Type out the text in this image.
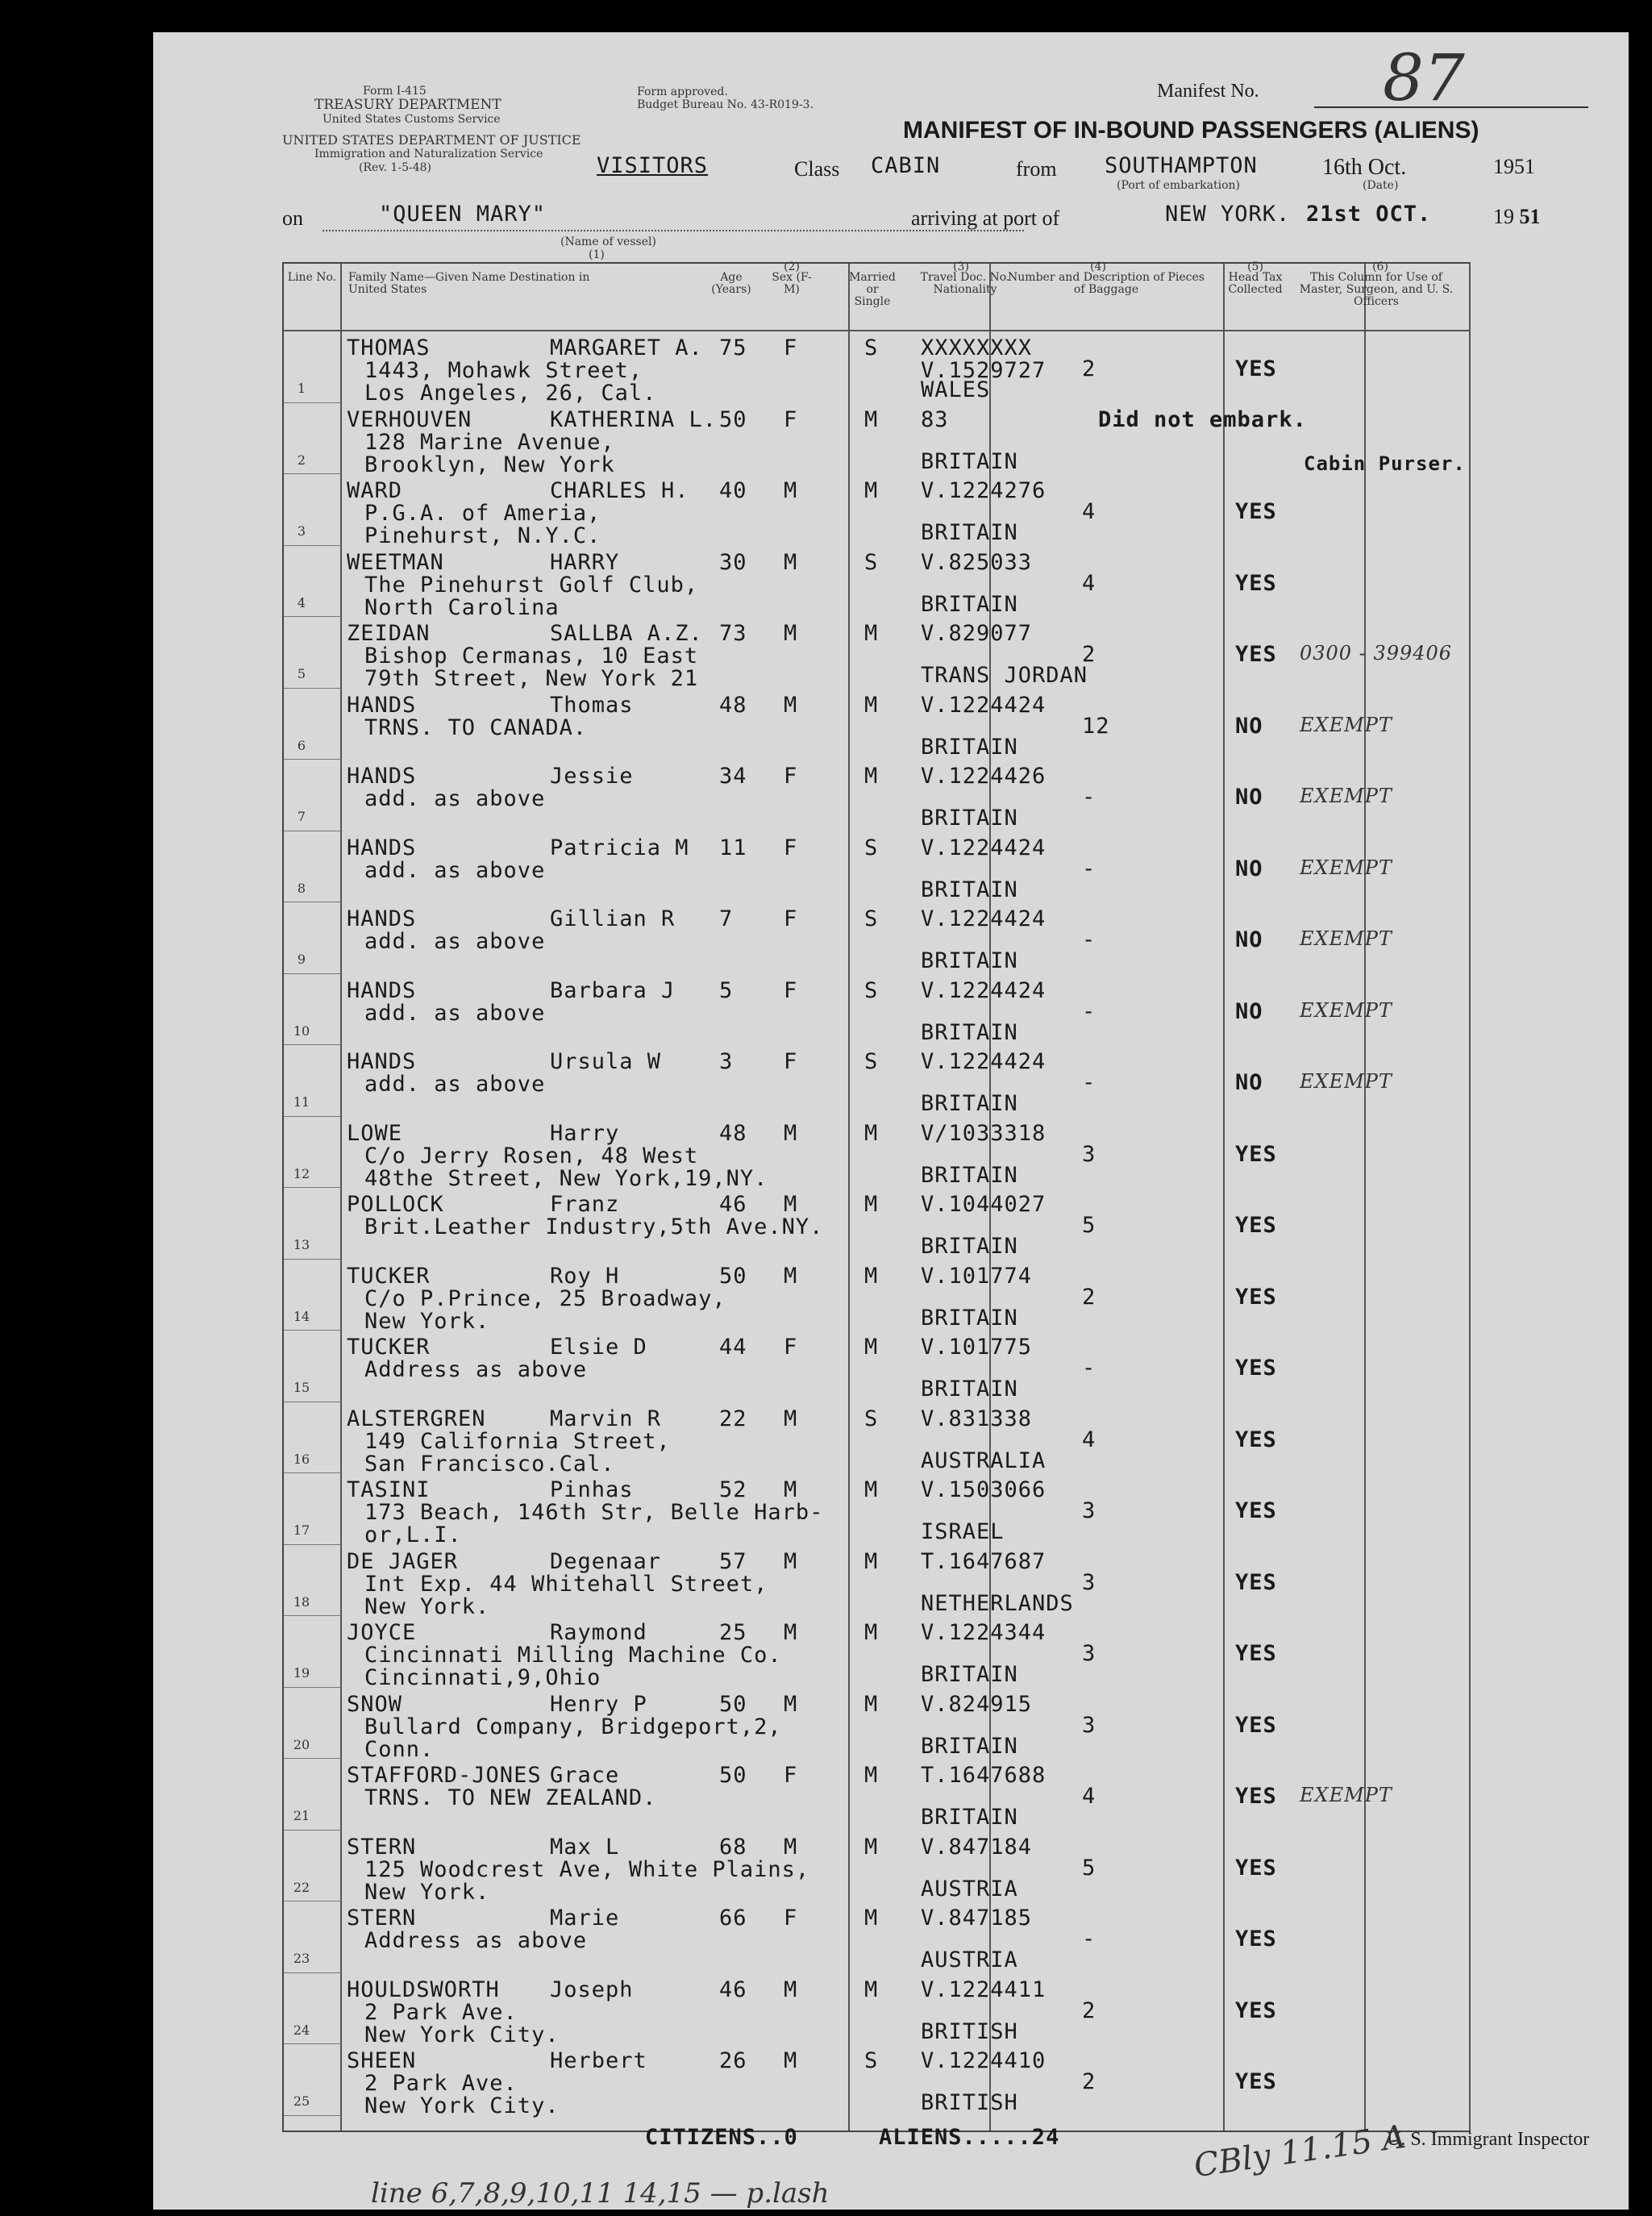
Form I-415
TREASURY DEPARTMENT
United States Customs Service
Form approved.
Budget Bureau No. 43-R019-3.
UNITED STATES DEPARTMENT OF JUSTICE
Immigration and Naturalization Service
(Rev. 1-5-48)
Manifest No. 87
MANIFEST OF IN-BOUND PASSENGERS (ALIENS)
VISITORS	Class CABIN	from SOUTHAMPTON
(Port of embarkation)
16th Oct.
(Date)
1951
on	"QUEEN MARY"
(Name of vessel)
(1)
arriving at port of	NEW YORK. 21st OCT.	19 51
Line No.	Family Name—Given Name Destination in United States
Age (Years)
Sex (F-M)
(2)
Married or Single
Travel Doc. No. Nationality
(3)
Number and Description of Pieces of Baggage
(4)
Head Tax Collected
(5)
This Column for Use of Master, Surgeon, and U. S. Officers
(6)
1
THOMAS	MARGARET A.
1443, Mohawk Street,
Los Angeles, 26, Cal.
75 F	S XXXXXXXX
V.1529727
WALES
2	YES
2
VERHOUVEN	KATHERINA L.
128 Marine Avenue,
Brooklyn, New York
50 F	M 83
BRITAIN
Did not embark.
Cabin Purser.
3
WARD	CHARLES H.
P.G.A. of Ameria,
Pinehurst, N.Y.C.
40 M	M V.1224276
BRITAIN
4	YES
4
WEETMAN	HARRY
The Pinehurst Golf Club,
North Carolina
30 M	S V.825033
BRITAIN
4	YES
5
ZEIDAN	SALLBA A.Z.
Bishop Cermanas, 10 East
79th Street, New York 21
73 M	M V.829077
TRANS JORDAN
2	YES 0300 - 399406
6
HANDS	Thomas
TRNS. TO CANADA.
48 M	M V.1224424
BRITAIN
12	NO EXEMPT
7
HANDS	Jessie
add. as above
34 F	M V.1224426
BRITAIN
-	NO EXEMPT
8
HANDS	Patricia M
add. as above
11 F	S V.1224424
BRITAIN
-	NO EXEMPT
9
HANDS	Gillian R
add. as above
7 F	S V.1224424
BRITAIN
-	NO EXEMPT
10
HANDS	Barbara J
add. as above
5 F	S V.1224424
BRITAIN
-	NO EXEMPT
11
HANDS	Ursula W
add. as above
3 F	S V.1224424
BRITAIN
-	NO EXEMPT
12
LOWE	Harry
C/o Jerry Rosen, 48 West
48the Street, New York,19,NY.
48 M	M V/1033318
BRITAIN
3	YES
13
POLLOCK	Franz
Brit.Leather Industry,5th Ave.NY.
46 M	M V.1044027
BRITAIN
5	YES
14
TUCKER	Roy H
C/o P.Prince, 25 Broadway,
New York.
50 M	M V.101774
BRITAIN
2	YES
15
TUCKER	Elsie D
Address as above
44 F	M V.101775
BRITAIN
-	YES
16
ALSTERGREN	Marvin R
149 California Street,
San Francisco.Cal.
22 M	S V.831338
AUSTRALIA
4	YES
17
TASINI	Pinhas
173 Beach, 146th Str, Belle Harb-
or,L.I.
52 M	M V.1503066
ISRAEL
3	YES
18
DE JAGER	Degenaar
Int Exp. 44 Whitehall Street,
New York.
57 M	M T.1647687
NETHERLANDS
3	YES
19
JOYCE	Raymond
Cincinnati Milling Machine Co.
Cincinnati,9,Ohio
25 M	M V.1224344
BRITAIN
3	YES
20
SNOW	Henry P
Bullard Company, Bridgeport,2,
Conn.
50 M	M V.824915
BRITAIN
3	YES
21
STAFFORD-JONES Grace
TRNS. TO NEW ZEALAND.
50 F	M T.1647688
BRITAIN
4	YES EXEMPT
22
STERN	Max L
125 Woodcrest Ave, White Plains,
New York.
68 M	M V.847184
AUSTRIA
5	YES
23
STERN	Marie
Address as above
66 F	M V.847185
AUSTRIA
-	YES
24
HOULDSWORTH Joseph
2 Park Ave.
New York City.
46 M	M V.1224411
BRITISH
2	YES
25
SHEEN	Herbert
2 Park Ave.
New York City.
26 M	S V.1224410
BRITISH
2	YES
CITIZENS..0	ALIENS.....24	U. S. Immigrant Inspector
line 6,7,8,9,10,11 14,15 — p.lash
CBly 11.15 A
